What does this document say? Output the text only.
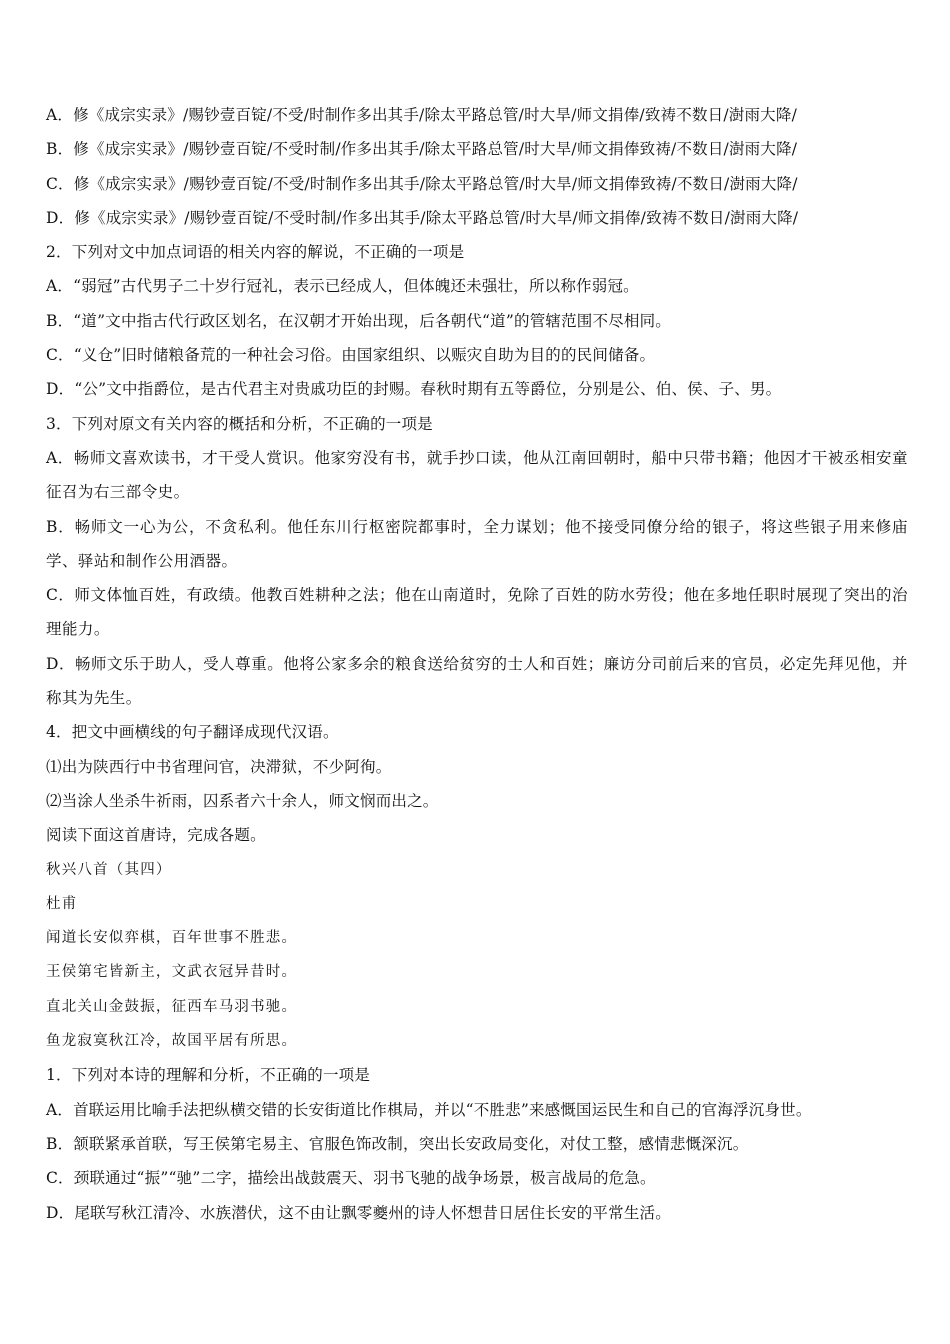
A．修《成宗实录》/赐钞壹百锭/不受/时制作多出其手/除太平路总管/时大旱/师文捐俸/致祷不数日/澍雨大降/
B．修《成宗实录》/赐钞壹百锭/不受时制/作多出其手/除太平路总管/时大旱/师文捐俸致祷/不数日/澍雨大降/
C．修《成宗实录》/赐钞壹百锭/不受/时制作多出其手/除太平路总管/时大旱/师文捐俸致祷/不数日/澍雨大降/
D．修《成宗实录》/赐钞壹百锭/不受时制/作多出其手/除太平路总管/时大旱/师文捐俸/致祷不数日/澍雨大降/
2．下列对文中加点词语的相关内容的解说，不正确的一项是
A．“弱冠”古代男子二十岁行冠礼，表示已经成人，但体魄还未强壮，所以称作弱冠。
B．“道”文中指古代行政区划名，在汉朝才开始出现，后各朝代“道”的管辖范围不尽相同。
C．“义仓”旧时储粮备荒的一种社会习俗。由国家组织、以赈灾自助为目的的民间储备。
D．“公”文中指爵位，是古代君主对贵戚功臣的封赐。春秋时期有五等爵位，分别是公、伯、侯、子、男。
3．下列对原文有关内容的概括和分析，不正确的一项是

A．畅师文喜欢读书，才干受人赏识。他家穷没有书，就手抄口读，他从江南回朝时，船中只带书籍；他因才干被丞相安童征召为右三部令史。

B．畅师文一心为公，不贪私利。他任东川行枢密院都事时，全力谋划；他不接受同僚分给的银子，将这些银子用来修庙学、驿站和制作公用酒器。

C．师文体恤百姓，有政绩。他教百姓耕种之法；他在山南道时，免除了百姓的防水劳役；他在多地任职时展现了突出的治理能力。

D．畅师文乐于助人，受人尊重。他将公家多余的粮食送给贫穷的士人和百姓；廉访分司前后来的官员，必定先拜见他，并称其为先生。

4．把文中画横线的句子翻译成现代汉语。
⑴出为陕西行中书省理问官，决滞狱，不少阿徇。
⑵当涂人坐杀牛祈雨，囚系者六十余人，师文悯而出之。
阅读下面这首唐诗，完成各题。
秋兴八首（其四）
杜甫
闻道长安似弈棋，百年世事不胜悲。
王侯第宅皆新主，文武衣冠异昔时。
直北关山金鼓振，征西车马羽书驰。
鱼龙寂寞秋江冷，故国平居有所思。
1．下列对本诗的理解和分析，不正确的一项是
A．首联运用比喻手法把纵横交错的长安街道比作棋局，并以“不胜悲”来感慨国运民生和自己的官海浮沉身世。
B．颔联紧承首联，写王侯第宅易主、官服色饰改制，突出长安政局变化，对仗工整，感情悲慨深沉。
C．颈联通过“振”“驰”二字，描绘出战鼓震天、羽书飞驰的战争场景，极言战局的危急。
D．尾联写秋江清冷、水族潜伏，这不由让飘零夔州的诗人怀想昔日居住长安的平常生活。
